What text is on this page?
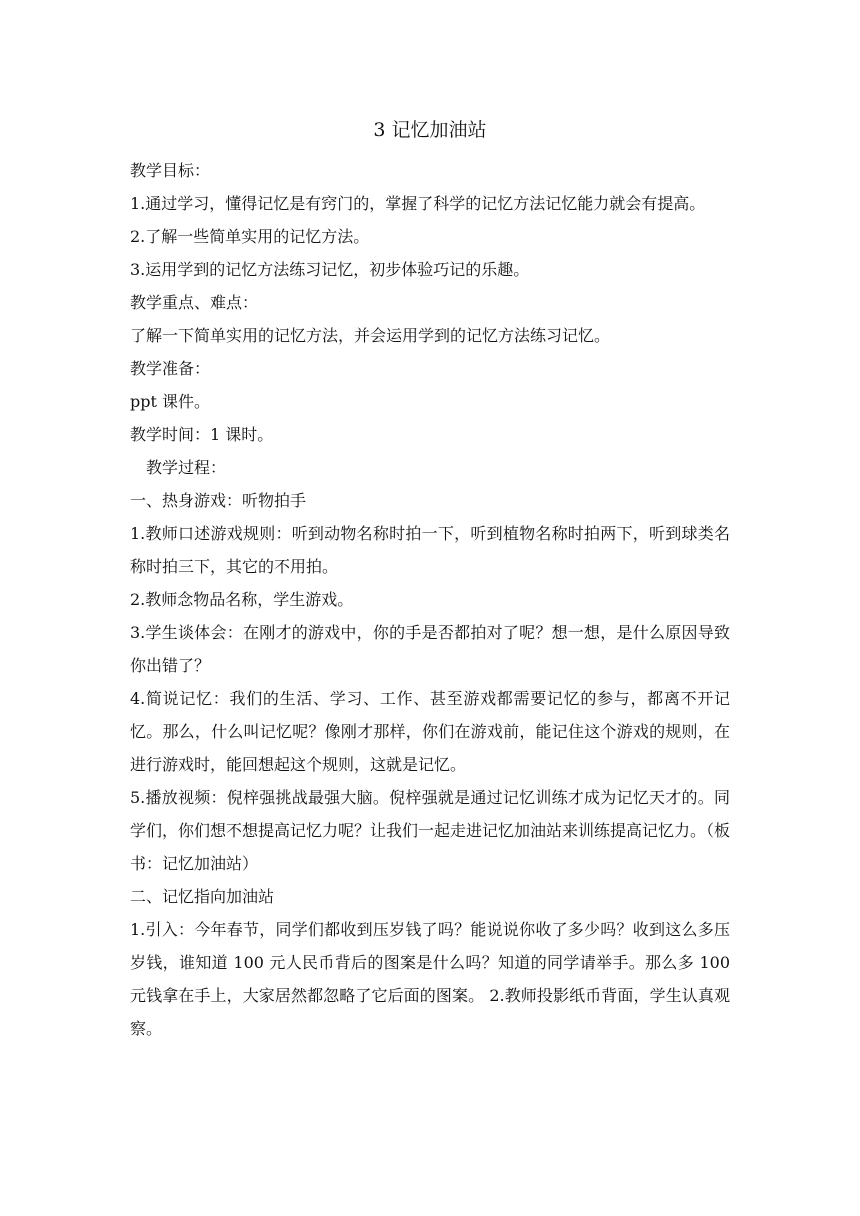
3 记忆加油站

教学目标：

1.通过学习，懂得记忆是有窍门的，掌握了科学的记忆方法记忆能力就会有提高。

2.了解一些简单实用的记忆方法。

3.运用学到的记忆方法练习记忆，初步体验巧记的乐趣。

教学重点、难点：

了解一下简单实用的记忆方法，并会运用学到的记忆方法练习记忆。

教学准备：

ppt 课件。

教学时间：1 课时。

教学过程：

一、热身游戏：听物拍手

1.教师口述游戏规则：听到动物名称时拍一下，听到植物名称时拍两下，听到球类名称时拍三下，其它的不用拍。

2.教师念物品名称，学生游戏。

3.学生谈体会：在刚才的游戏中，你的手是否都拍对了呢？想一想，是什么原因导致你出错了？

4.简说记忆：我们的生活、学习、工作、甚至游戏都需要记忆的参与，都离不开记忆。那么，什么叫记忆呢？像刚才那样，你们在游戏前，能记住这个游戏的规则，在进行游戏时，能回想起这个规则，这就是记忆。

5.播放视频：倪梓强挑战最强大脑。倪梓强就是通过记忆训练才成为记忆天才的。同学们，你们想不想提高记忆力呢？让我们一起走进记忆加油站来训练提高记忆力。（板书：记忆加油站）

二、记忆指向加油站

1.引入：今年春节，同学们都收到压岁钱了吗？能说说你收了多少吗？收到这么多压岁钱，谁知道 100 元人民币背后的图案是什么吗？知道的同学请举手。那么多 100 元钱拿在手上，大家居然都忽略了它后面的图案。 2.教师投影纸币背面，学生认真观察。
